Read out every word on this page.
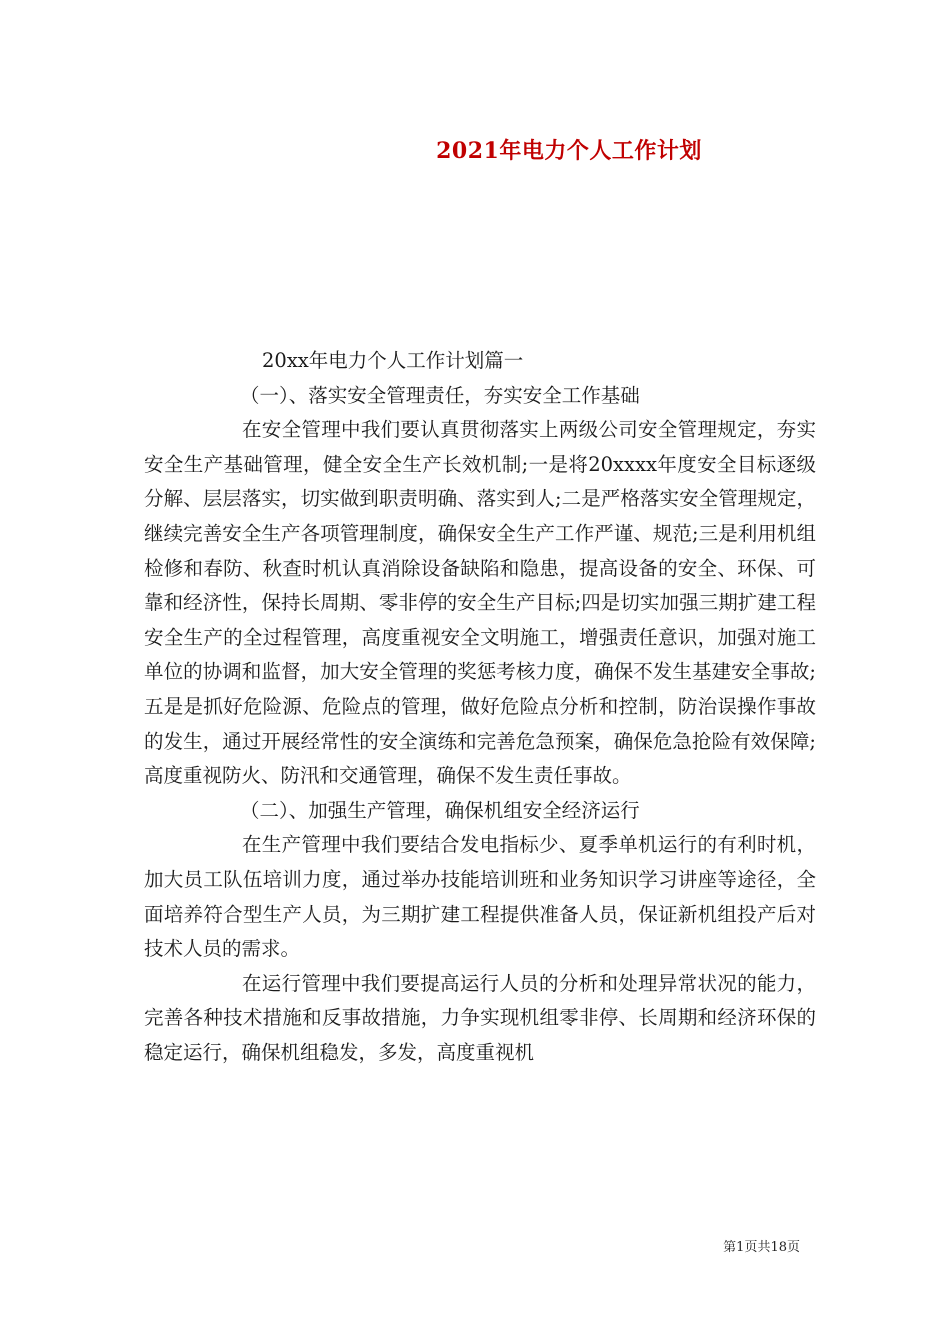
2021年电力个人工作计划
20xx年电力个人工作计划篇一
（一）、落实安全管理责任，夯实安全工作基础
在安全管理中我们要认真贯彻落实上两级公司安全管理规定，夯实安全生产基础管理，健全安全生产长效机制;一是将20xxxx年度安全目标逐级分解、层层落实，切实做到职责明确、落实到人;二是严格落实安全管理规定，继续完善安全生产各项管理制度，确保安全生产工作严谨、规范;三是利用机组检修和春防、秋查时机认真消除设备缺陷和隐患，提高设备的安全、环保、可靠和经济性，保持长周期、零非停的安全生产目标;四是切实加强三期扩建工程安全生产的全过程管理，高度重视安全文明施工，增强责任意识，加强对施工单位的协调和监督，加大安全管理的奖惩考核力度，确保不发生基建安全事故;五是是抓好危险源、危险点的管理，做好危险点分析和控制，防治误操作事故的发生，通过开展经常性的安全演练和完善危急预案，确保危急抢险有效保障;高度重视防火、防汛和交通管理，确保不发生责任事故。
（二）、加强生产管理，确保机组安全经济运行
在生产管理中我们要结合发电指标少、夏季单机运行的有利时机，加大员工队伍培训力度，通过举办技能培训班和业务知识学习讲座等途径，全面培养符合型生产人员，为三期扩建工程提供准备人员，保证新机组投产后对技术人员的需求。
在运行管理中我们要提高运行人员的分析和处理异常状况的能力，完善各种技术措施和反事故措施，力争实现机组零非停、长周期和经济环保的稳定运行，确保机组稳发，多发，高度重视机
第1页共18页
